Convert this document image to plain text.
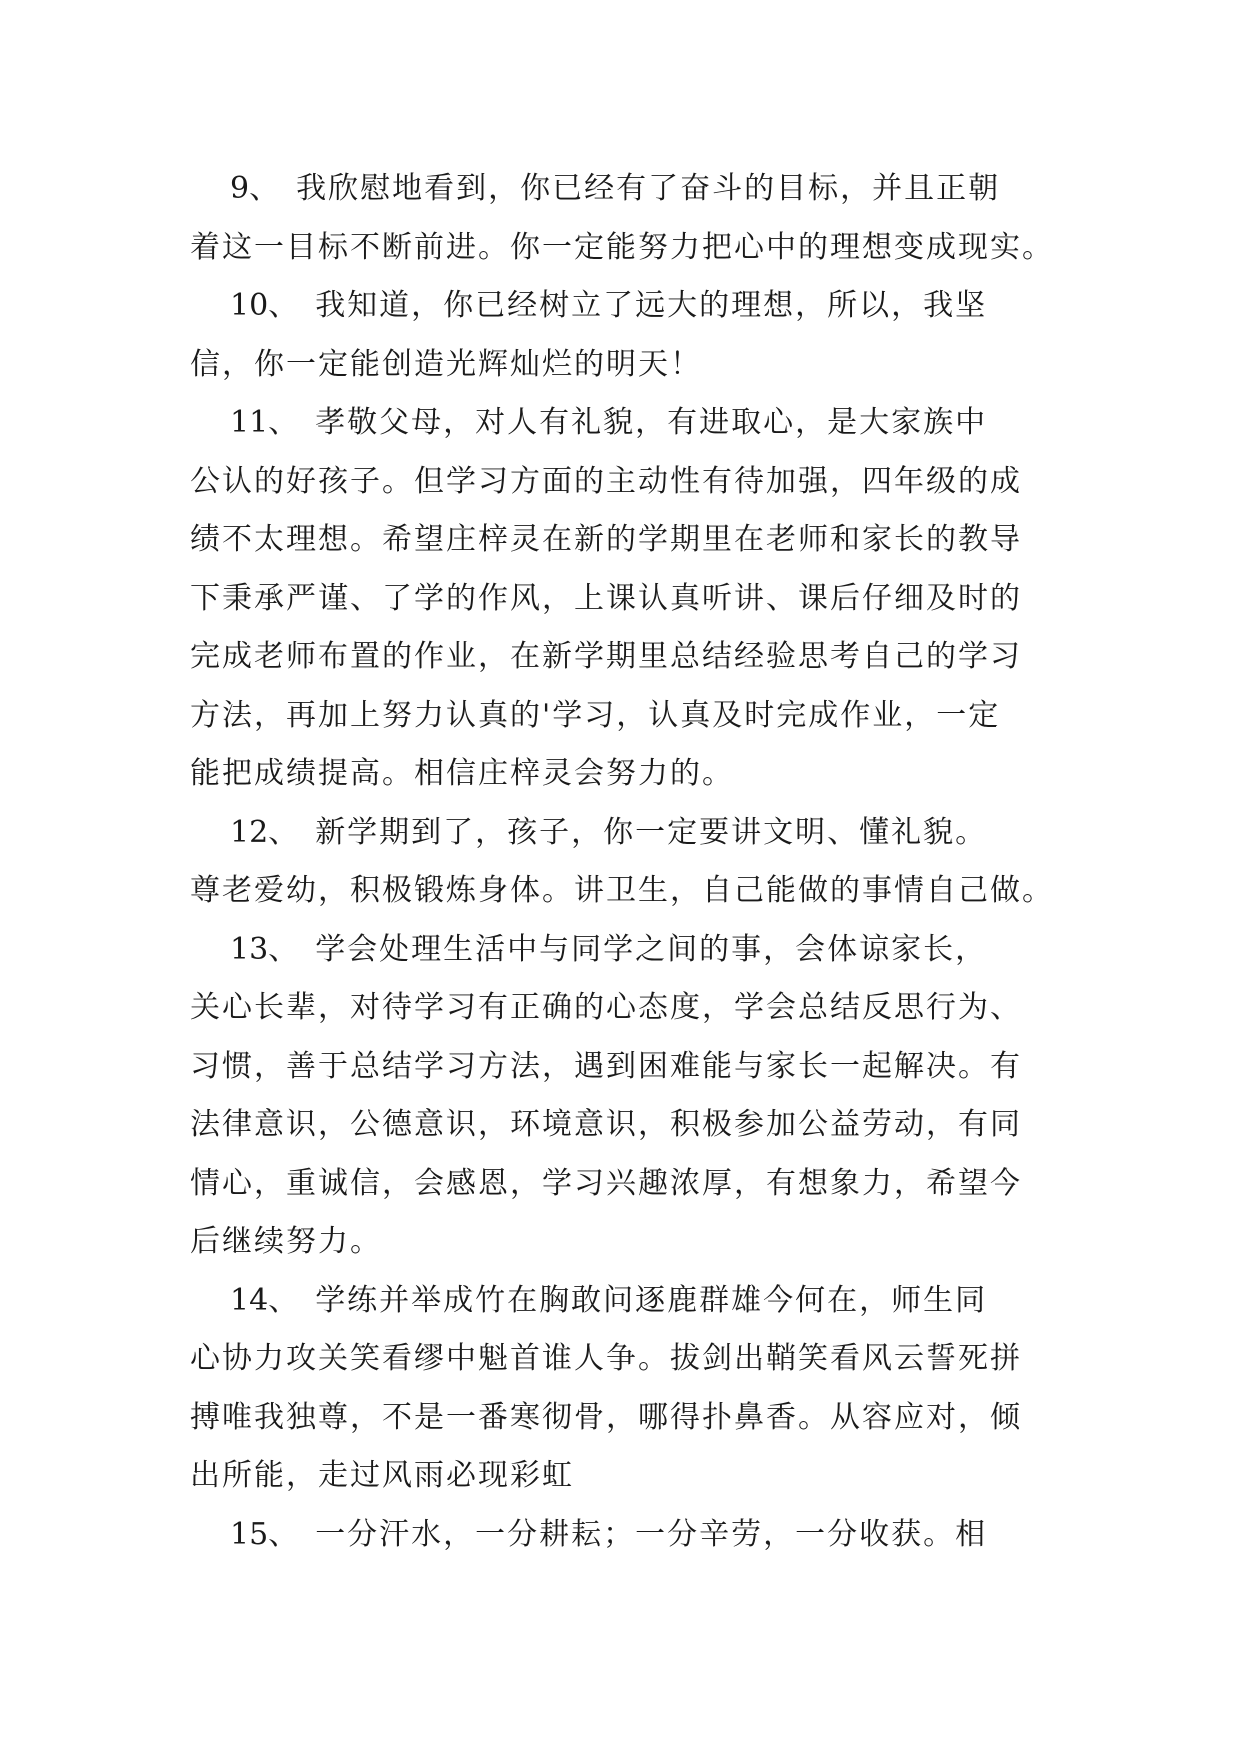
9、  我欣慰地看到，你已经有了奋斗的目标，并且正朝
着这一目标不断前进。你一定能努力把心中的理想变成现实。
10、  我知道，你已经树立了远大的理想，所以，我坚
信，你一定能创造光辉灿烂的明天！
11、  孝敬父母，对人有礼貌，有进取心，是大家族中
公认的好孩子。但学习方面的主动性有待加强，四年级的成
绩不太理想。希望庄梓灵在新的学期里在老师和家长的教导
下秉承严谨、了学的作风，上课认真听讲、课后仔细及时的
完成老师布置的作业，在新学期里总结经验思考自己的学习
方法，再加上努力认真的'学习，认真及时完成作业，一定
能把成绩提高。相信庄梓灵会努力的。
12、  新学期到了，孩子，你一定要讲文明、懂礼貌。
尊老爱幼，积极锻炼身体。讲卫生，自己能做的事情自己做。
13、  学会处理生活中与同学之间的事，会体谅家长，
关心长辈，对待学习有正确的心态度，学会总结反思行为、
习惯，善于总结学习方法，遇到困难能与家长一起解决。有
法律意识，公德意识，环境意识，积极参加公益劳动，有同
情心，重诚信，会感恩，学习兴趣浓厚，有想象力，希望今
后继续努力。
14、  学练并举成竹在胸敢问逐鹿群雄今何在，师生同
心协力攻关笑看缪中魁首谁人争。拔剑出鞘笑看风云誓死拼
搏唯我独尊，不是一番寒彻骨，哪得扑鼻香。从容应对，倾
出所能，走过风雨必现彩虹
15、  一分汗水，一分耕耘；一分辛劳，一分收获。相
